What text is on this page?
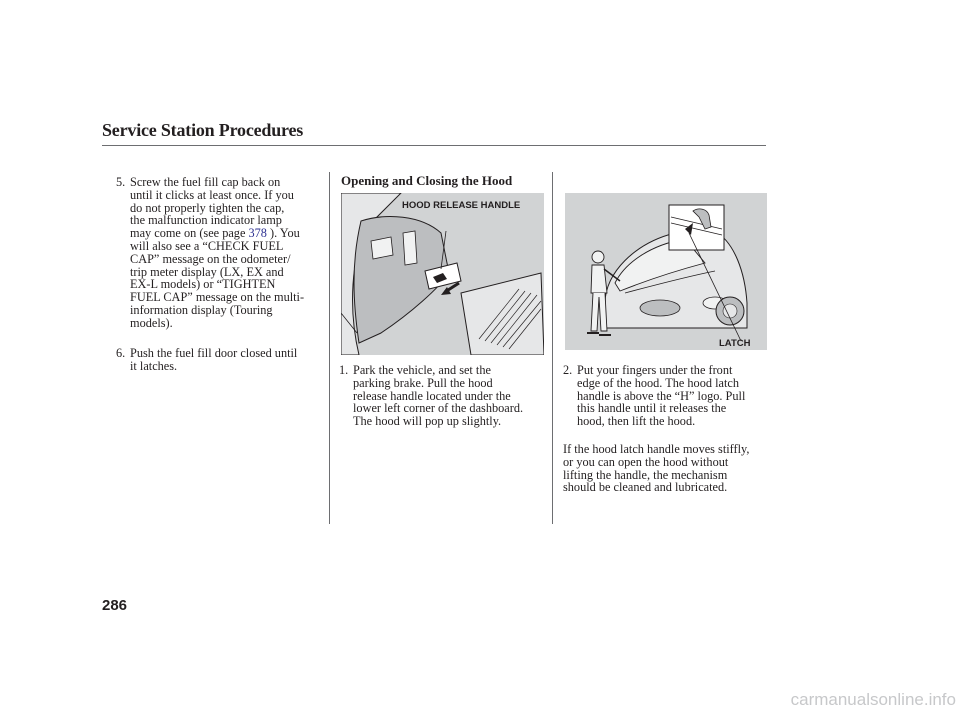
Service Station Procedures
5. Screw the fuel fill cap back on
until it clicks at least once. If you
do not properly tighten the cap,
the malfunction indicator lamp
may come on (see page 378 ). You
will also see a “CHECK FUEL
CAP” message on the odometer/
trip meter display (LX, EX and
EX-L models) or “TIGHTEN
FUEL CAP” message on the multi-
information display (Touring
models).
6. Push the fuel fill door closed until
it latches.
Opening and Closing the Hood
HOOD RELEASE HANDLE
1. Park the vehicle, and set the
parking brake. Pull the hood
release handle located under the
lower left corner of the dashboard.
The hood will pop up slightly.
LATCH
2. Put your fingers under the front
edge of the hood. The hood latch
handle is above the “H” logo. Pull
this handle until it releases the
hood, then lift the hood.
If the hood latch handle moves stiffly,
or you can open the hood without
lifting the handle, the mechanism
should be cleaned and lubricated.
286
carmanualsonline.info
